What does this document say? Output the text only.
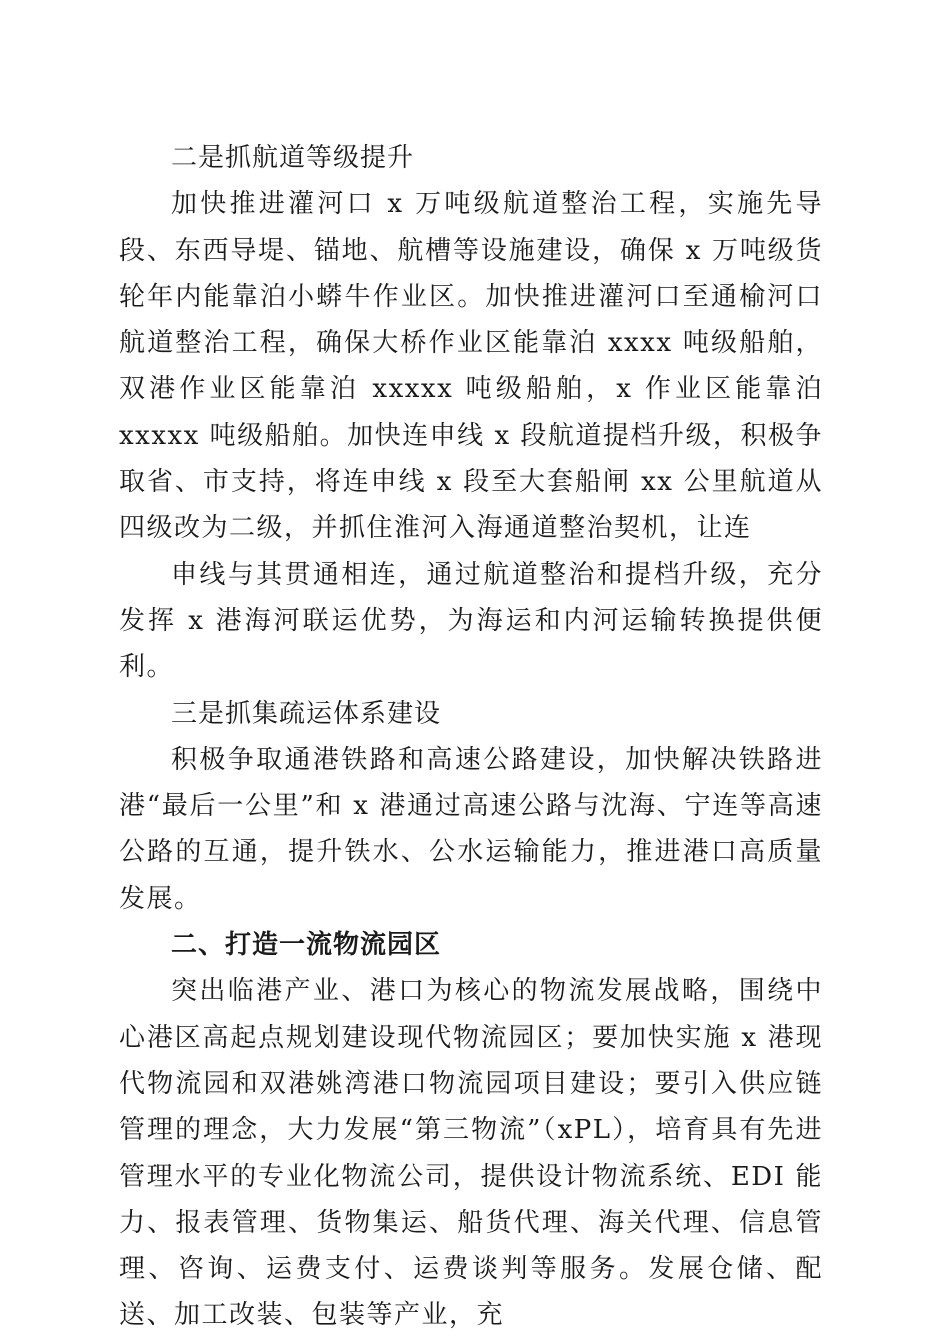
二是抓航道等级提升

加快推进灌河口 x 万吨级航道整治工程，实施先导段、东西导堤、锚地、航槽等设施建设，确保 x 万吨级货轮年内能靠泊小蟒牛作业区。加快推进灌河口至通榆河口航道整治工程，确保大桥作业区能靠泊 xxxx 吨级船舶，双港作业区能靠泊 xxxxx 吨级船舶，x 作业区能靠泊 xxxxx 吨级船舶。加快连申线 x 段航道提档升级，积极争取省、市支持，将连申线 x 段至大套船闸 xx 公里航道从四级改为二级，并抓住淮河入海通道整治契机，让连

申线与其贯通相连，通过航道整治和提档升级，充分发挥 x 港海河联运优势，为海运和内河运输转换提供便利。

三是抓集疏运体系建设

积极争取通港铁路和高速公路建设，加快解决铁路进港“最后一公里”和 x 港通过高速公路与沈海、宁连等高速公路的互通，提升铁水、公水运输能力，推进港口高质量发展。

二、打造一流物流园区

突出临港产业、港口为核心的物流发展战略，围绕中心港区高起点规划建设现代物流园区；要加快实施 x 港现代物流园和双港姚湾港口物流园项目建设；要引入供应链管理的理念，大力发展“第三物流”（xPL），培育具有先进管理水平的专业化物流公司，提供设计物流系统、EDI 能力、报表管理、货物集运、船货代理、海关代理、信息管理、咨询、运费支付、运费谈判等服务。发展仓储、配送、加工改装、包装等产业，充
